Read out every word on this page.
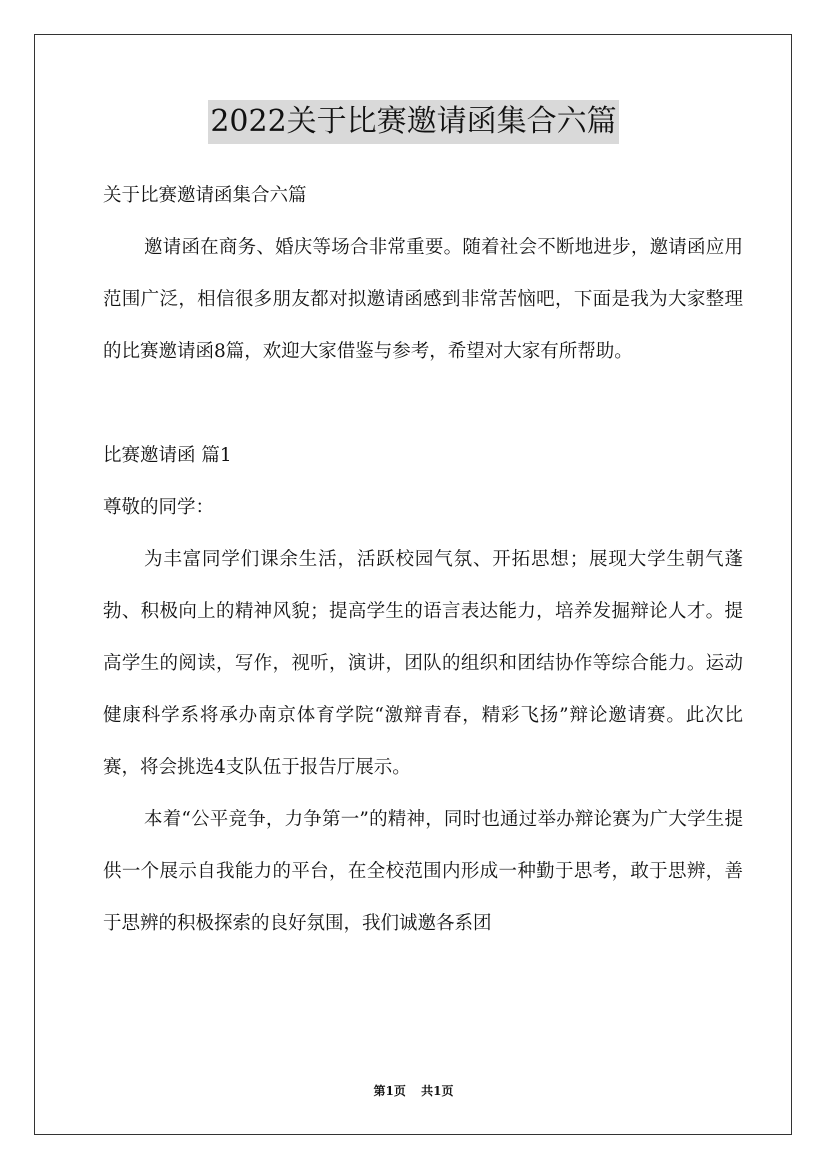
2022关于比赛邀请函集合六篇

关于比赛邀请函集合六篇

邀请函在商务、婚庆等场合非常重要。随着社会不断地进步，邀请函应用范围广泛，相信很多朋友都对拟邀请函感到非常苦恼吧，下面是我为大家整理的比赛邀请函8篇，欢迎大家借鉴与参考，希望对大家有所帮助。

比赛邀请函 篇1

尊敬的同学：

为丰富同学们课余生活，活跃校园气氛、开拓思想；展现大学生朝气蓬勃、积极向上的精神风貌；提高学生的语言表达能力，培养发掘辩论人才。提高学生的阅读，写作，视听，演讲，团队的组织和团结协作等综合能力。运动健康科学系将承办南京体育学院“激辩青春，精彩飞扬”辩论邀请赛。此次比赛，将会挑选4支队伍于报告厅展示。

本着“公平竞争，力争第一”的精神，同时也通过举办辩论赛为广大学生提供一个展示自我能力的平台，在全校范围内形成一种勤于思考，敢于思辨，善于思辨的积极探索的良好氛围，我们诚邀各系团

第1页 共1页
